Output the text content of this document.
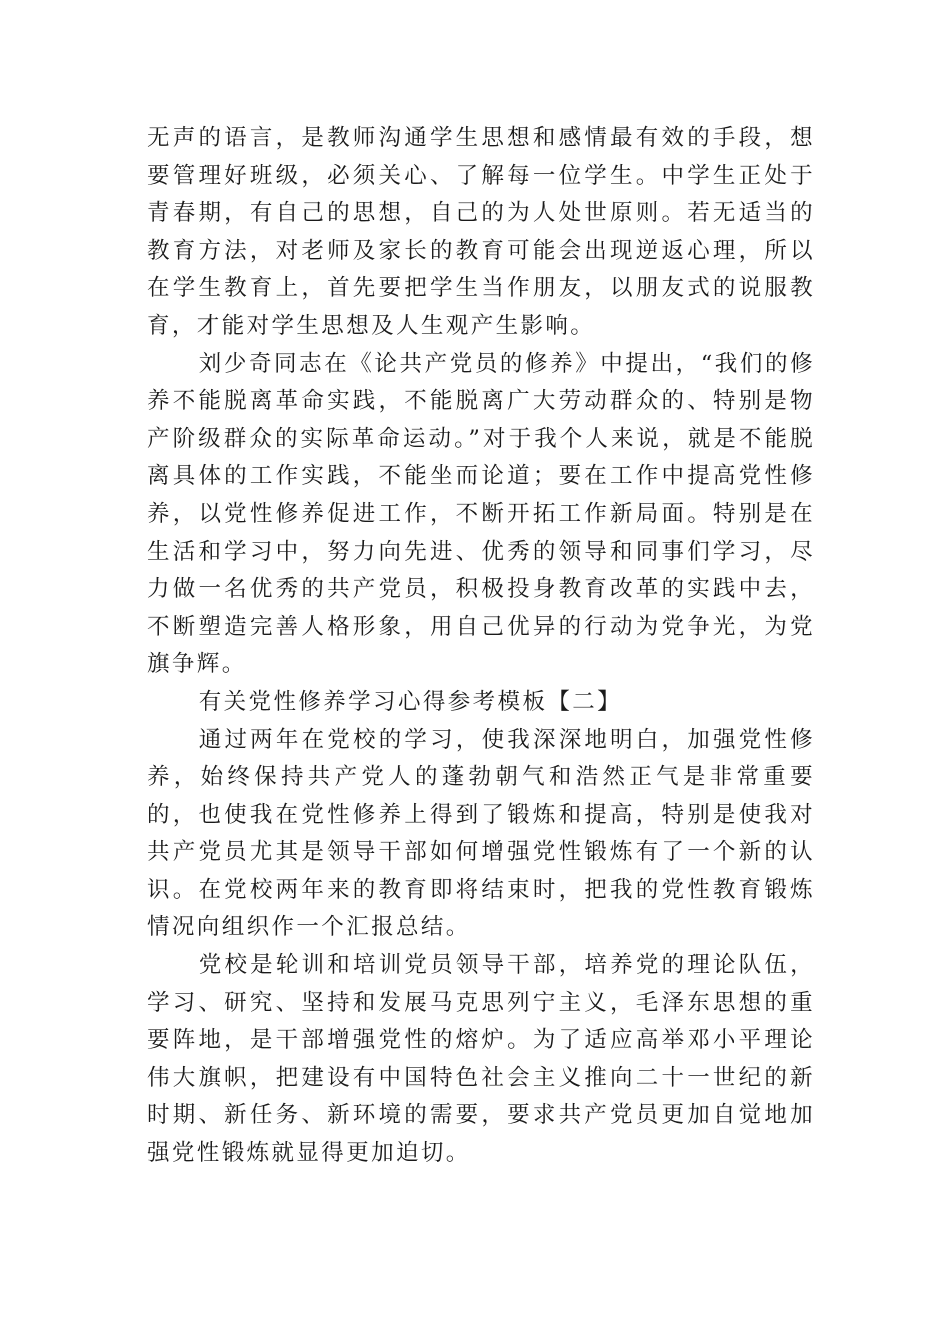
无声的语言，是教师沟通学生思想和感情最有效的手段，想要管理好班级，必须关心、了解每一位学生。中学生正处于青春期，有自己的思想，自己的为人处世原则。若无适当的教育方法，对老师及家长的教育可能会出现逆返心理，所以在学生教育上，首先要把学生当作朋友，以朋友式的说服教育，才能对学生思想及人生观产生影响。

刘少奇同志在《论共产党员的修养》中提出，“我们的修养不能脱离革命实践，不能脱离广大劳动群众的、特别是物产阶级群众的实际革命运动。”对于我个人来说，就是不能脱离具体的工作实践，不能坐而论道；要在工作中提高党性修养，以党性修养促进工作，不断开拓工作新局面。特别是在生活和学习中，努力向先进、优秀的领导和同事们学习，尽力做一名优秀的共产党员，积极投身教育改革的实践中去，不断塑造完善人格形象，用自己优异的行动为党争光，为党旗争辉。

有关党性修养学习心得参考模板【二】

通过两年在党校的学习，使我深深地明白，加强党性修养，始终保持共产党人的蓬勃朝气和浩然正气是非常重要的，也使我在党性修养上得到了锻炼和提高，特别是使我对共产党员尤其是领导干部如何增强党性锻炼有了一个新的认识。在党校两年来的教育即将结束时，把我的党性教育锻炼情况向组织作一个汇报总结。

党校是轮训和培训党员领导干部，培养党的理论队伍，学习、研究、坚持和发展马克思列宁主义，毛泽东思想的重要阵地，是干部增强党性的熔炉。为了适应高举邓小平理论伟大旗帜，把建设有中国特色社会主义推向二十一世纪的新时期、新任务、新环境的需要，要求共产党员更加自觉地加强党性锻炼就显得更加迫切。
